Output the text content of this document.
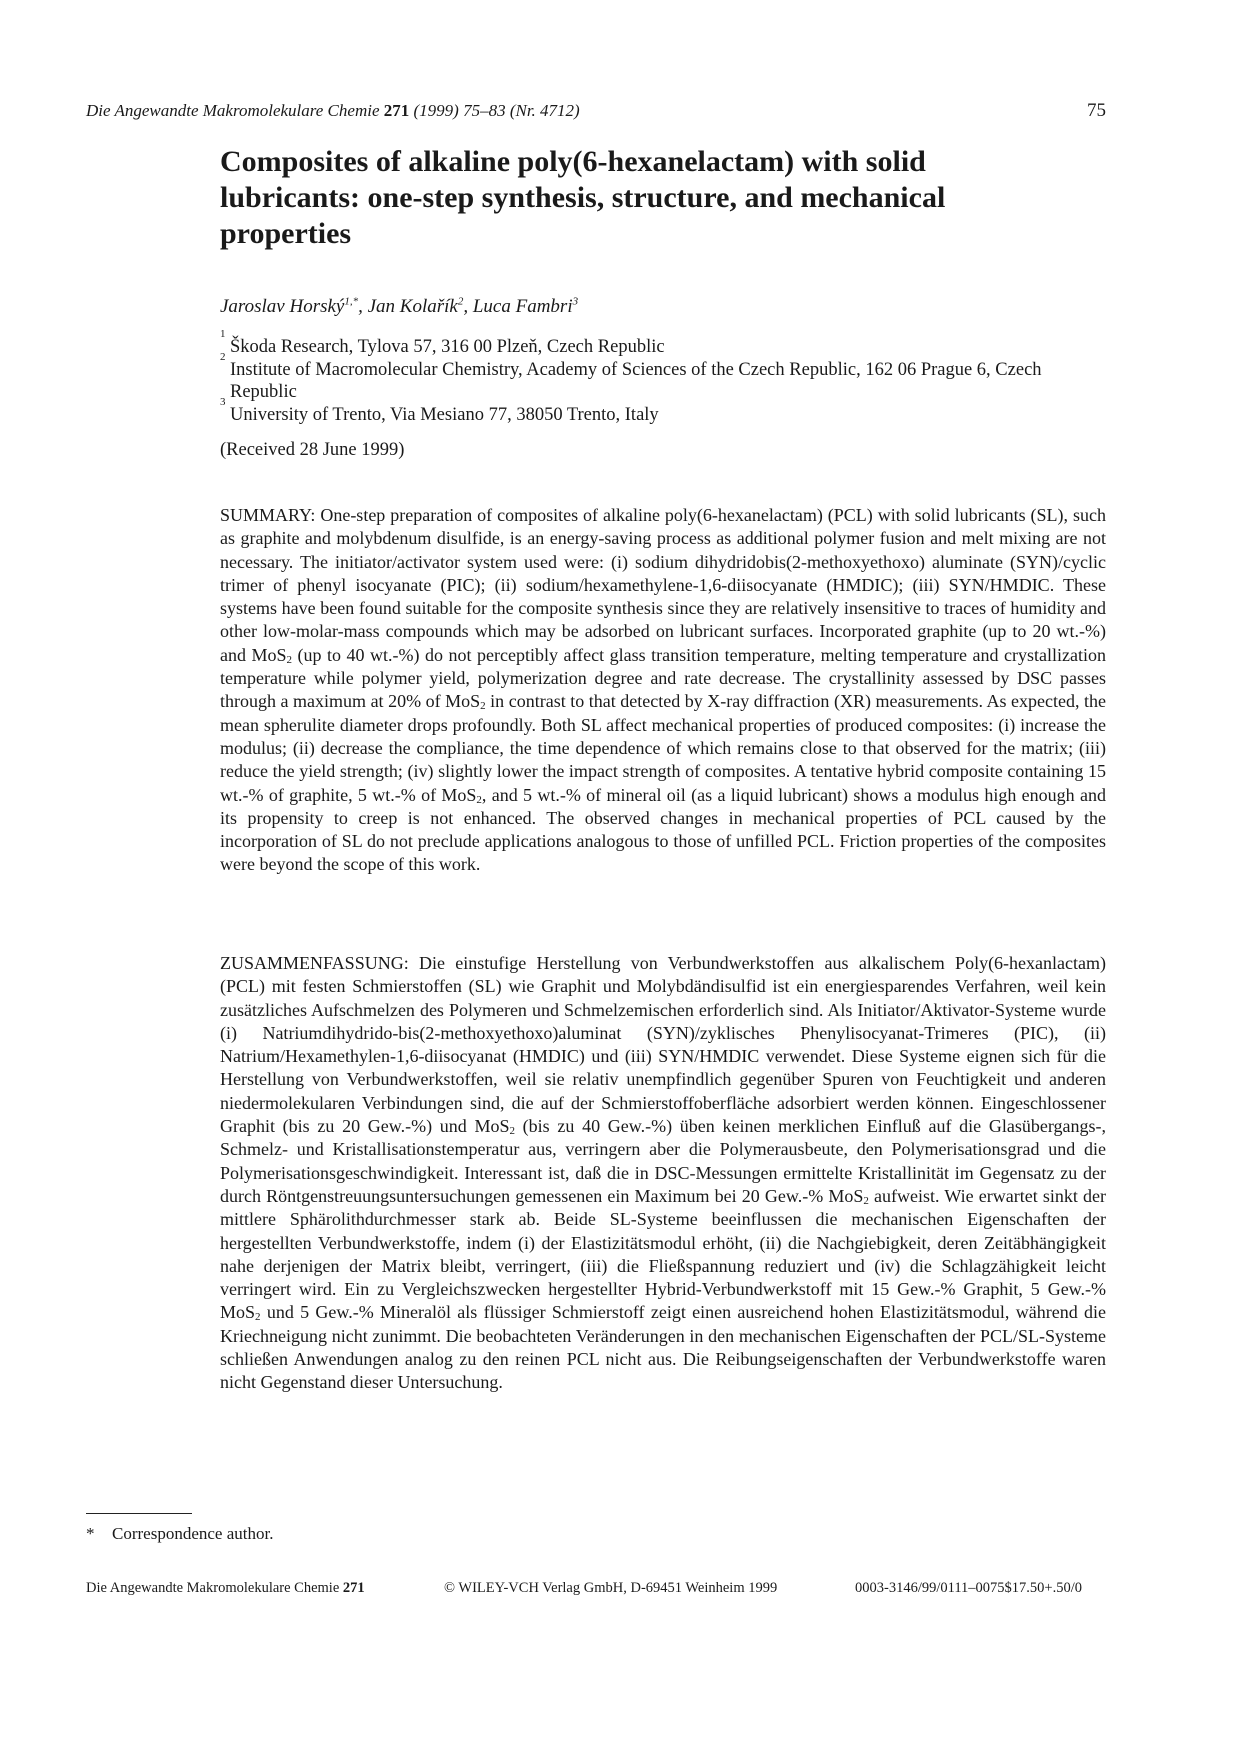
Die Angewandte Makromolekulare Chemie 271 (1999) 75–83 (Nr. 4712)	75
Composites of alkaline poly(6-hexanelactam) with solid lubricants: one-step synthesis, structure, and mechanical properties
Jaroslav Horský$^{1,*}$, Jan Kolařík$^2$, Luca Fambri$^3$
1
Škoda Research, Tylova 57, 316 00 Plzeň, Czech Republic
2
Institute of Macromolecular Chemistry, Academy of Sciences of the Czech Republic, 162 06 Prague 6, Czech Republic
3
University of Trento, Via Mesiano 77, 38050 Trento, Italy
(Received 28 June 1999)
SUMMARY: One-step preparation of composites of alkaline poly(6-hexanelactam) (PCL) with solid lubricants (SL), such as graphite and molybdenum disulfide, is an energy-saving process as additional polymer fusion and melt mixing are not necessary. The initiator/activator system used were: (i) sodium dihydridobis(2-methoxyethoxo) aluminate (SYN)/cyclic trimer of phenyl isocyanate (PIC); (ii) sodium/hexamethylene-1,6-diisocyanate (HMDIC); (iii) SYN/HMDIC. These systems have been found suitable for the composite synthesis since they are relatively insensitive to traces of humidity and other low-molar-mass compounds which may be adsorbed on lubricant surfaces. Incorporated graphite (up to 20 wt.-%) and MoS$_2$ (up to 40 wt.-%) do not perceptibly affect glass transition temperature, melting temperature and crystallization temperature while polymer yield, polymerization degree and rate decrease. The crystallinity assessed by DSC passes through a maximum at 20% of MoS$_2$ in contrast to that detected by X-ray diffraction (XR) measurements. As expected, the mean spherulite diameter drops profoundly. Both SL affect mechanical properties of produced composites: (i) increase the modulus; (ii) decrease the compliance, the time dependence of which remains close to that observed for the matrix; (iii) reduce the yield strength; (iv) slightly lower the impact strength of composites. A tentative hybrid composite containing 15 wt.-% of graphite, 5 wt.-% of MoS$_2$, and 5 wt.-% of mineral oil (as a liquid lubricant) shows a modulus high enough and its propensity to creep is not enhanced. The observed changes in mechanical properties of PCL caused by the incorporation of SL do not preclude applications analogous to those of unfilled PCL. Friction properties of the composites were beyond the scope of this work.
ZUSAMMENFASSUNG: Die einstufige Herstellung von Verbundwerkstoffen aus alkalischem Poly(6-hexanlactam) (PCL) mit festen Schmierstoffen (SL) wie Graphit und Molybdändisulfid ist ein energiesparendes Verfahren, weil kein zusätzliches Aufschmelzen des Polymeren und Schmelzemischen erforderlich sind. Als Initiator/Aktivator-Systeme wurde (i) Natriumdihydrido-bis(2-methoxyethoxo)aluminat (SYN)/zyklisches Phenylisocyanat-Trimeres (PIC), (ii) Natrium/Hexamethylen-1,6-diisocyanat (HMDIC) und (iii) SYN/HMDIC verwendet. Diese Systeme eignen sich für die Herstellung von Verbundwerkstoffen, weil sie relativ unempfindlich gegenüber Spuren von Feuchtigkeit und anderen niedermolekularen Verbindungen sind, die auf der Schmierstoffoberfläche adsorbiert werden können. Eingeschlossener Graphit (bis zu 20 Gew.-%) und MoS$_2$ (bis zu 40 Gew.-%) üben keinen merklichen Einfluß auf die Glasübergangs-, Schmelz- und Kristallisationstemperatur aus, verringern aber die Polymerausbeute, den Polymerisationsgrad und die Polymerisationsgeschwindigkeit. Interessant ist, daß die in DSC-Messungen ermittelte Kristallinität im Gegensatz zu der durch Röntgenstreuungsuntersuchungen gemessenen ein Maximum bei 20 Gew.-% MoS$_2$ aufweist. Wie erwartet sinkt der mittlere Sphärolithdurchmesser stark ab. Beide SL-Systeme beeinflussen die mechanischen Eigenschaften der hergestellten Verbundwerkstoffe, indem (i) der Elastizitätsmodul erhöht, (ii) die Nachgiebigkeit, deren Zeitäbhängigkeit nahe derjenigen der Matrix bleibt, verringert, (iii) die Fließspannung reduziert und (iv) die Schlagzähigkeit leicht verringert wird. Ein zu Vergleichszwecken hergestellter Hybrid-Verbundwerkstoff mit 15 Gew.-% Graphit, 5 Gew.-% MoS$_2$ und 5 Gew.-% Mineralöl als flüssiger Schmierstoff zeigt einen ausreichend hohen Elastizitätsmodul, während die Kriechneigung nicht zunimmt. Die beobachteten Veränderungen in den mechanischen Eigenschaften der PCL/SL-Systeme schließen Anwendungen analog zu den reinen PCL nicht aus. Die Reibungseigenschaften der Verbundwerkstoffe waren nicht Gegenstand dieser Untersuchung.
* Correspondence author.
Die Angewandte Makromolekulare Chemie 271	© WILEY-VCH Verlag GmbH, D-69451 Weinheim 1999	0003-3146/99/0111–0075$17.50+.50/0
